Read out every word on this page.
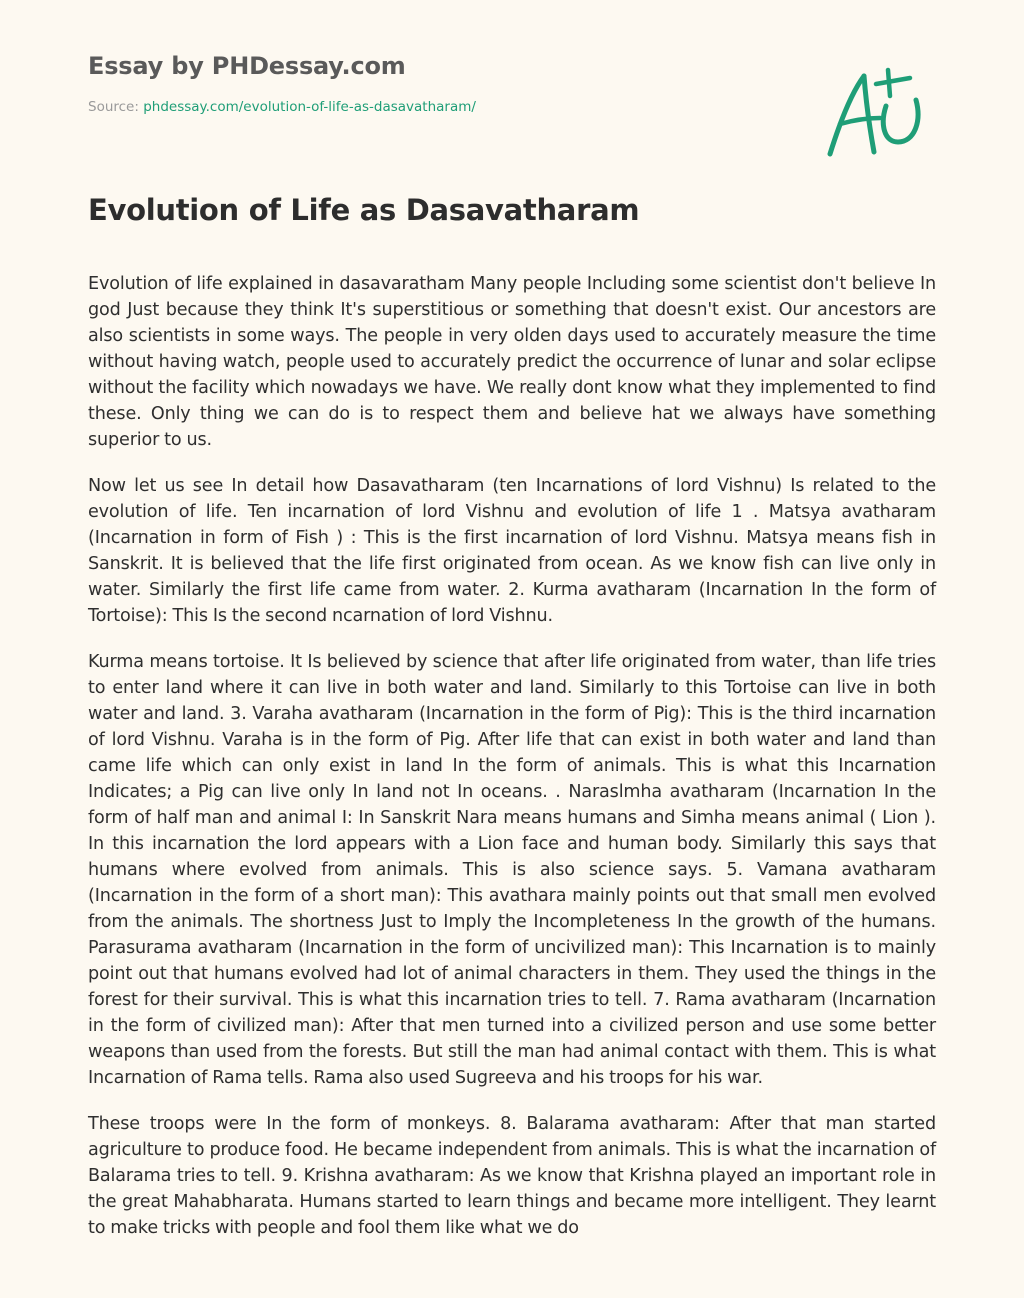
Essay by PHDessay.com
Source: phdessay.com/evolution-of-life-as-dasavatharam/
Evolution of Life as Dasavatharam

Evolution of life explained in dasavaratham Many people Including some scientist don't believe In god Just because they think It's superstitious or something that doesn't exist. Our ancestors are also scientists in some ways. The people in very olden days used to accurately measure the time without having watch, people used to accurately predict the occurrence of lunar and solar eclipse without the facility which nowadays we have. We really dont know what they implemented to find these. Only thing we can do is to respect them and believe hat we always have something superior to us.

Now let us see In detail how Dasavatharam (ten Incarnations of lord Vishnu) Is related to the evolution of life. Ten incarnation of lord Vishnu and evolution of life 1 . Matsya avatharam (Incarnation in form of Fish ) : This is the first incarnation of lord Vishnu. Matsya means fish in Sanskrit. It is believed that the life first originated from ocean. As we know fish can live only in water. Similarly the first life came from water. 2. Kurma avatharam (Incarnation In the form of Tortoise): This Is the second ncarnation of lord Vishnu.

Kurma means tortoise. It Is believed by science that after life originated from water, than life tries to enter land where it can live in both water and land. Similarly to this Tortoise can live in both water and land. 3. Varaha avatharam (Incarnation in the form of Pig): This is the third incarnation of lord Vishnu. Varaha is in the form of Pig. After life that can exist in both water and land than came life which can only exist in land In the form of animals. This is what this Incarnation Indicates; a Pig can live only In land not In oceans. . Naraslmha avatharam (Incarnation In the form of half man and animal I: In Sanskrit Nara means humans and Simha means animal ( Lion ). In this incarnation the lord appears with a Lion face and human body. Similarly this says that humans where evolved from animals. This is also science says. 5. Vamana avatharam (Incarnation in the form of a short man): This avathara mainly points out that small men evolved from the animals. The shortness Just to Imply the Incompleteness In the growth of the humans. Parasurama avatharam (Incarnation in the form of uncivilized man): This Incarnation is to mainly point out that humans evolved had lot of animal characters in them. They used the things in the forest for their survival. This is what this incarnation tries to tell. 7. Rama avatharam (Incarnation in the form of civilized man): After that men turned into a civilized person and use some better weapons than used from the forests. But still the man had animal contact with them. This is what Incarnation of Rama tells. Rama also used Sugreeva and his troops for his war.

These troops were In the form of monkeys. 8. Balarama avatharam: After that man started agriculture to produce food. He became independent from animals. This is what the incarnation of Balarama tries to tell. 9. Krishna avatharam: As we know that Krishna played an important role in the great Mahabharata. Humans started to learn things and became more intelligent. They learnt to make tricks with people and fool them like what we do
